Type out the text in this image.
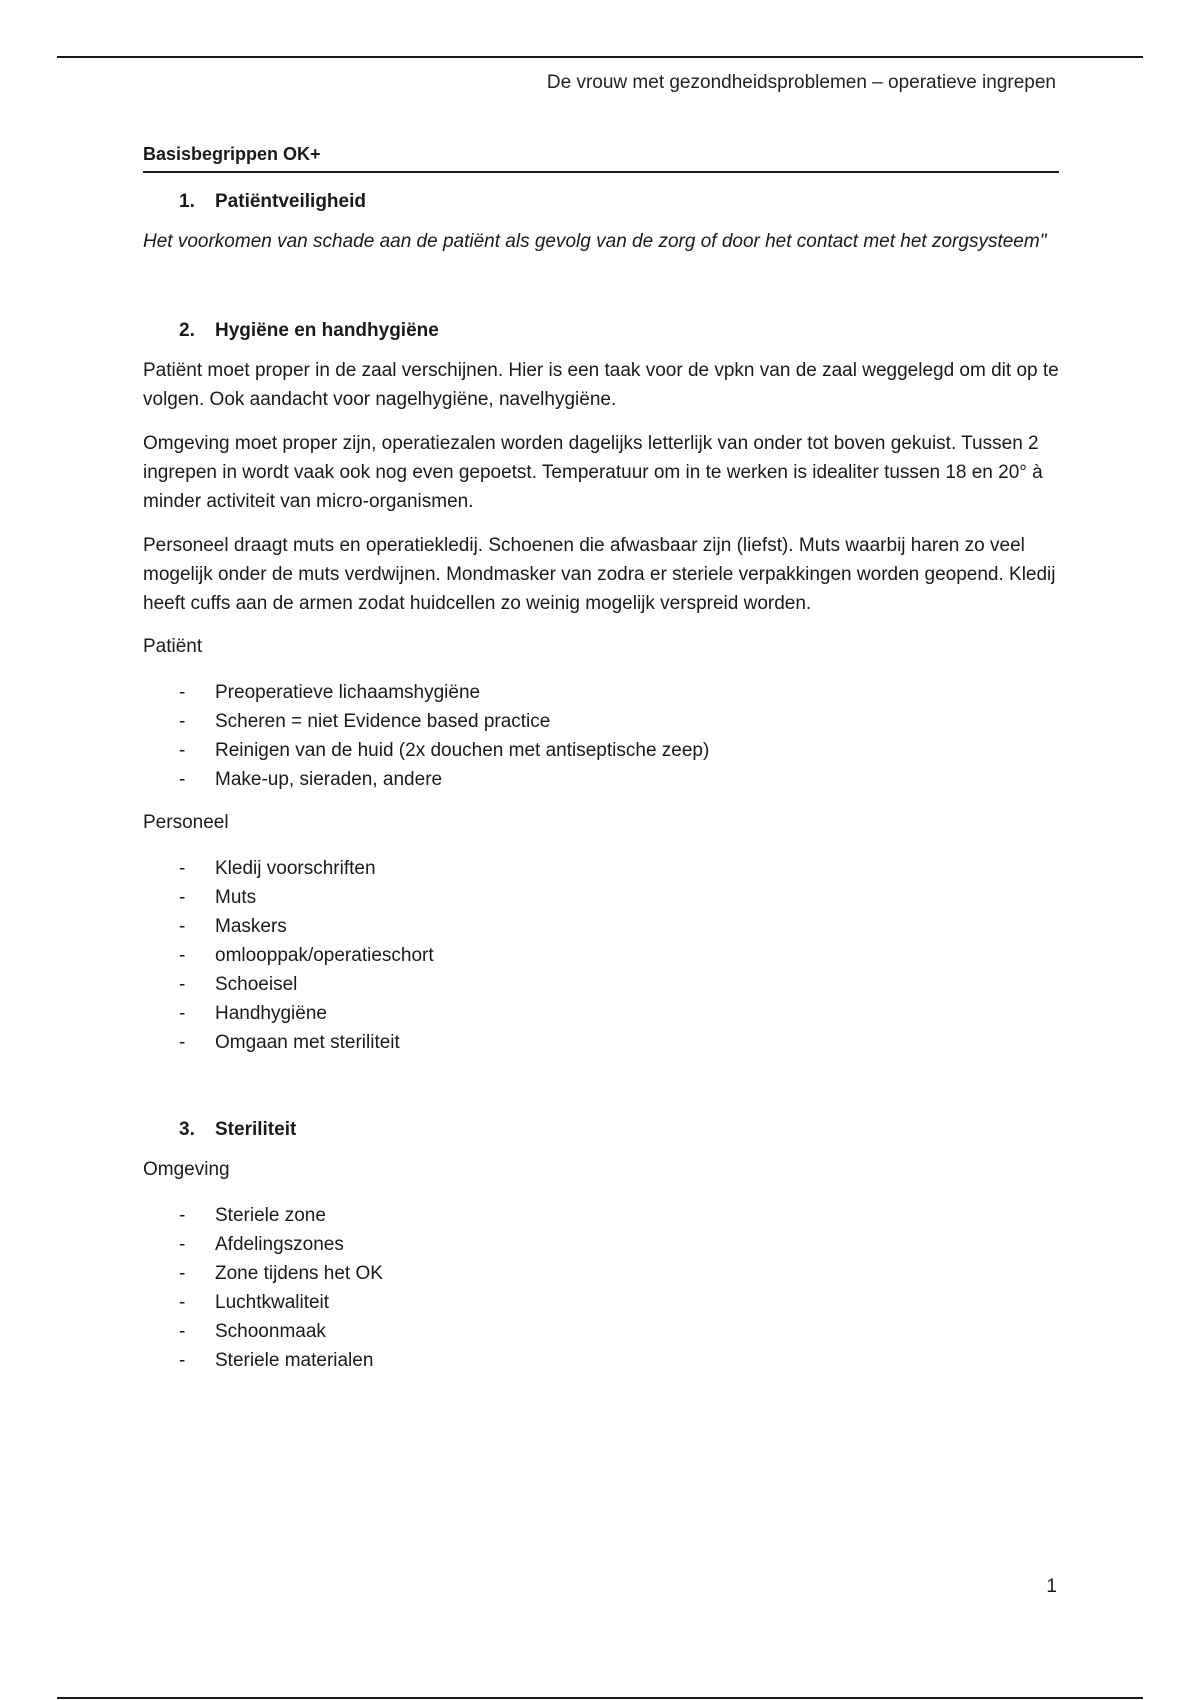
De vrouw met gezondheidsproblemen – operatieve ingrepen
Basisbegrippen OK+
1.	Patiëntveiligheid

Het voorkomen van schade aan de patiënt als gevolg van de zorg of door het contact met het zorgsysteem"

2.	Hygiëne en handhygiëne

Patiënt moet proper in de zaal verschijnen. Hier is een taak voor de vpkn van de zaal weggelegd om dit op te volgen. Ook aandacht voor nagelhygiëne, navelhygiëne.

Omgeving moet proper zijn, operatiezalen worden dagelijks letterlijk van onder tot boven gekuist. Tussen 2 ingrepen in wordt vaak ook nog even gepoetst. Temperatuur om in te werken is idealiter tussen 18 en 20° à minder activiteit van micro-organismen.

Personeel draagt muts en operatiekledij. Schoenen die afwasbaar zijn (liefst). Muts waarbij haren zo veel mogelijk onder de muts verdwijnen. Mondmasker van zodra er steriele verpakkingen worden geopend. Kledij heeft cuffs aan de armen zodat huidcellen zo weinig mogelijk verspreid worden.

Patiënt

-	Preoperatieve lichaamshygiëne
-	Scheren = niet Evidence based practice
-	Reinigen van de huid (2x douchen met antiseptische zeep)
-	Make-up, sieraden, andere

Personeel

-	Kledij voorschriften
-	Muts
-	Maskers
-	omlooppak/operatieschort
-	Schoeisel
-	Handhygiëne
-	Omgaan met steriliteit
3.	Steriliteit

Omgeving

-	Steriele zone
-	Afdelingszones
-	Zone tijdens het OK
-	Luchtkwaliteit
-	Schoonmaak
-	Steriele materialen
1
